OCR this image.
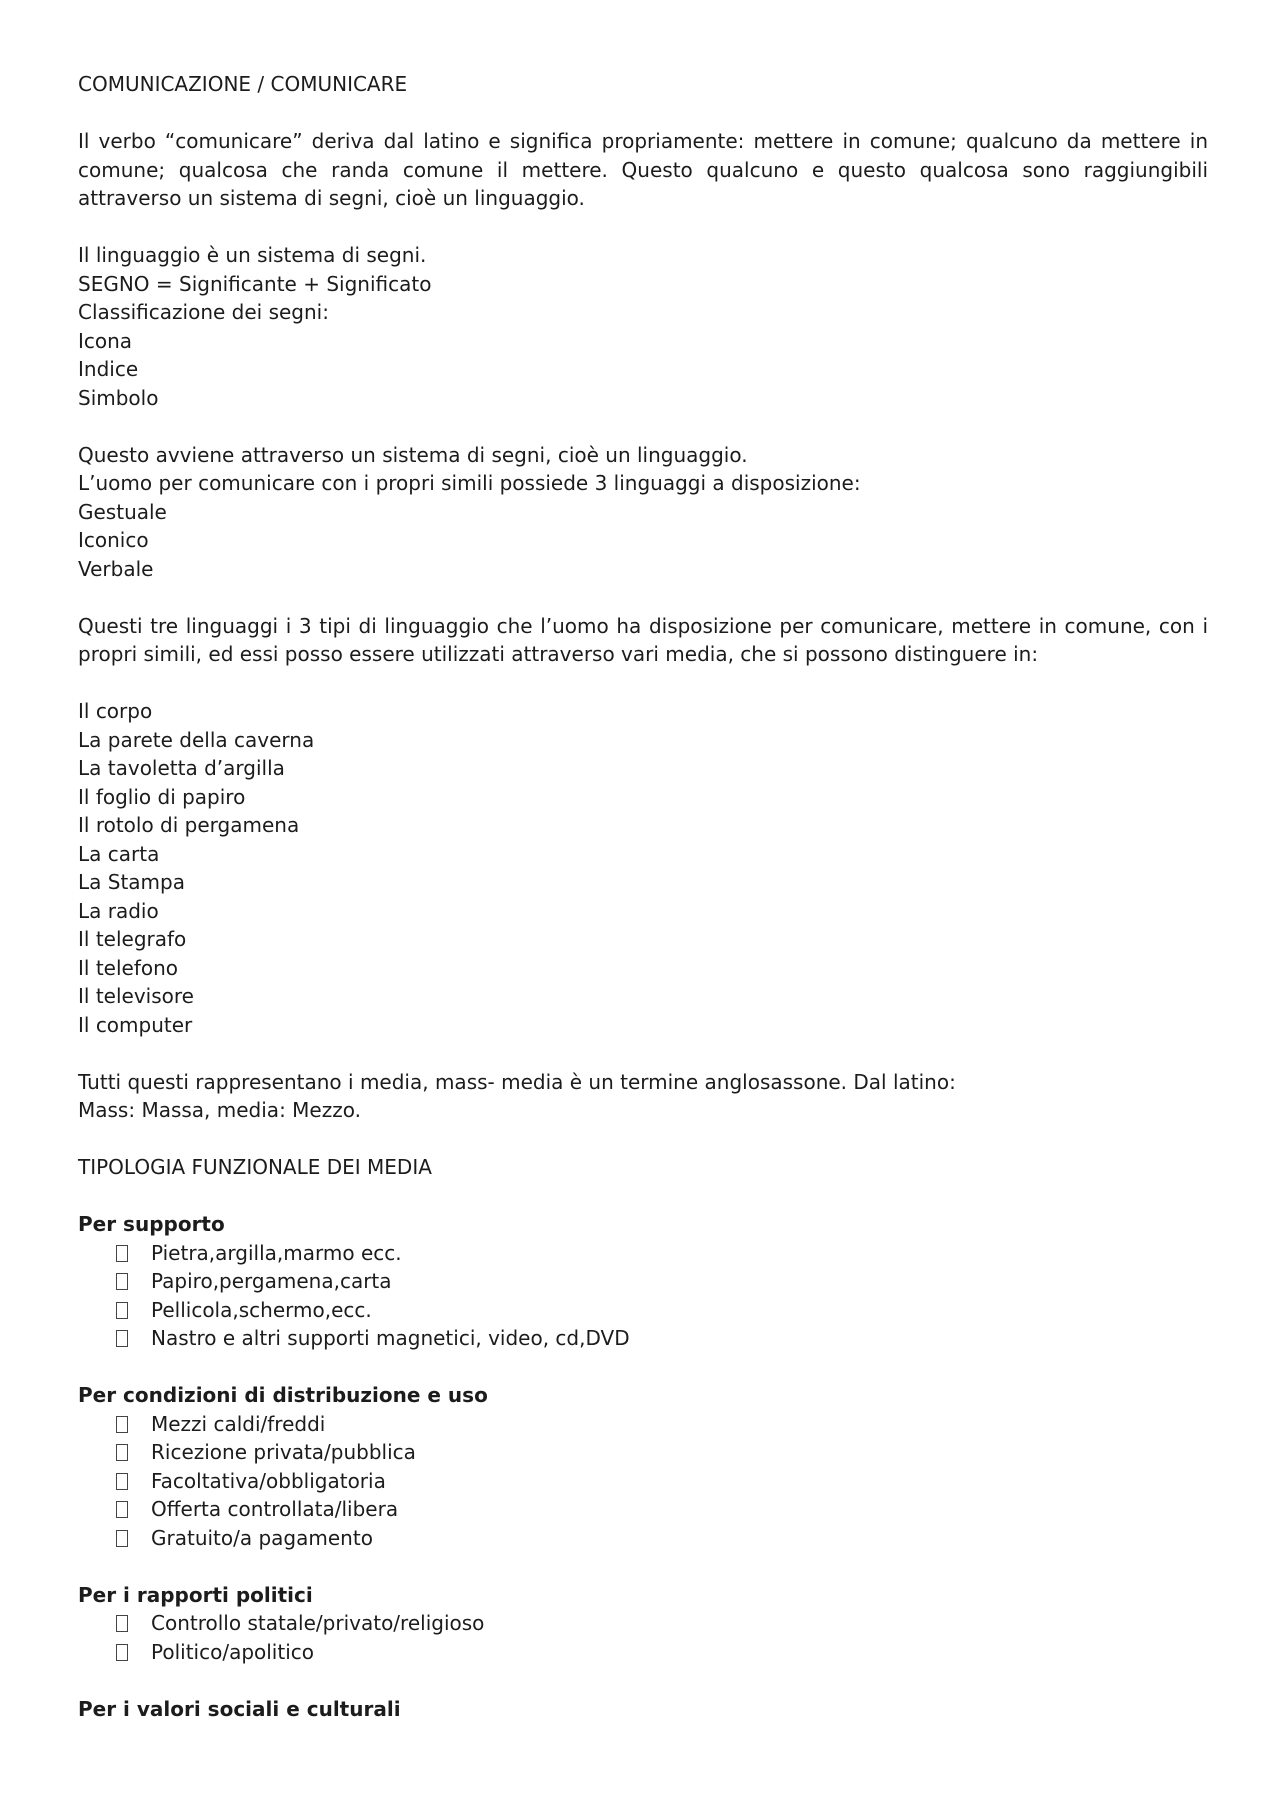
COMUNICAZIONE / COMUNICARE
Il verbo “comunicare” deriva dal latino e significa propriamente: mettere in comune; qualcuno da mettere in comune; qualcosa che randa comune il mettere. Questo qualcuno e questo qualcosa sono raggiungibili attraverso un sistema di segni, cioè un linguaggio.
Il linguaggio è un sistema di segni.
SEGNO = Significante + Significato
Classificazione dei segni:
Icona
Indice
Simbolo
Questo avviene attraverso un sistema di segni, cioè un linguaggio.
L’uomo per comunicare con i propri simili possiede 3 linguaggi a disposizione:
Gestuale
Iconico
Verbale
Questi tre linguaggi i 3 tipi di linguaggio che l’uomo ha disposizione per comunicare, mettere in comune, con i propri simili, ed essi posso essere utilizzati attraverso vari media, che si possono distinguere in:
Il corpo
La parete della caverna
La tavoletta d’argilla
Il foglio di papiro
Il rotolo di pergamena
La carta
La Stampa
La radio
Il telegrafo
Il telefono
Il televisore
Il computer
Tutti questi rappresentano i media, mass- media è un termine anglosassone. Dal latino:
Mass: Massa, media: Mezzo.
TIPOLOGIA FUNZIONALE DEI MEDIA
Per supporto
Pietra,argilla,marmo ecc.
Papiro,pergamena,carta
Pellicola,schermo,ecc.
Nastro e altri supporti magnetici, video, cd,DVD
Per condizioni di distribuzione e uso
Mezzi caldi/freddi
Ricezione privata/pubblica
Facoltativa/obbligatoria
Offerta controllata/libera
Gratuito/a pagamento
Per i rapporti politici
Controllo statale/privato/religioso
Politico/apolitico
Per i valori sociali e culturali
